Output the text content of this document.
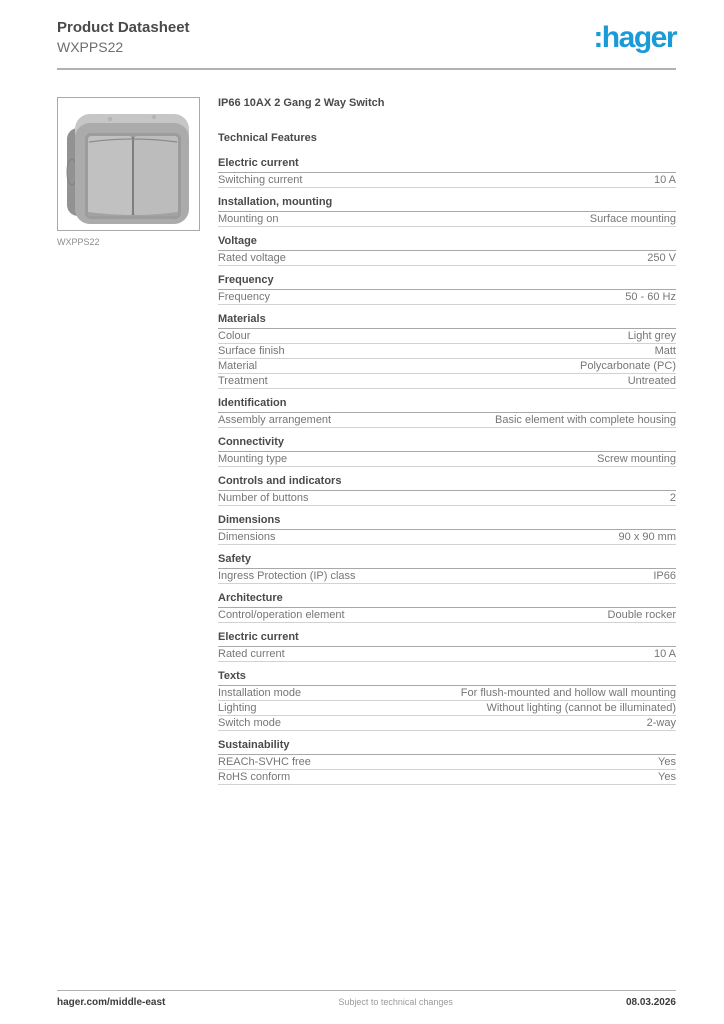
Product Datasheet
WXPPS22	:hager
WXPPS22
IP66 10AX 2 Gang 2 Way Switch
Technical Features
Electric current
Switching current	10 A
Installation, mounting
Mounting on	Surface mounting
Voltage
Rated voltage	250 V
Frequency
Frequency	50 - 60 Hz
Materials
Colour	Light grey
Surface finish	Matt
Material	Polycarbonate (PC)
Treatment	Untreated
Identification
Assembly arrangement	Basic element with complete housing
Connectivity
Mounting type	Screw mounting
Controls and indicators
Number of buttons	2
Dimensions
Dimensions	90 x 90 mm
Safety
Ingress Protection (IP) class	IP66
Architecture
Control/operation element	Double rocker
Electric current
Rated current	10 A
Texts
Installation mode	For flush-mounted and hollow wall mounting
Lighting	Without lighting (cannot be illuminated)
Switch mode	2-way
Sustainability
REACh-SVHC free	Yes
RoHS conform	Yes
hager.com/middle-east	Subject to technical changes	08.03.2026
